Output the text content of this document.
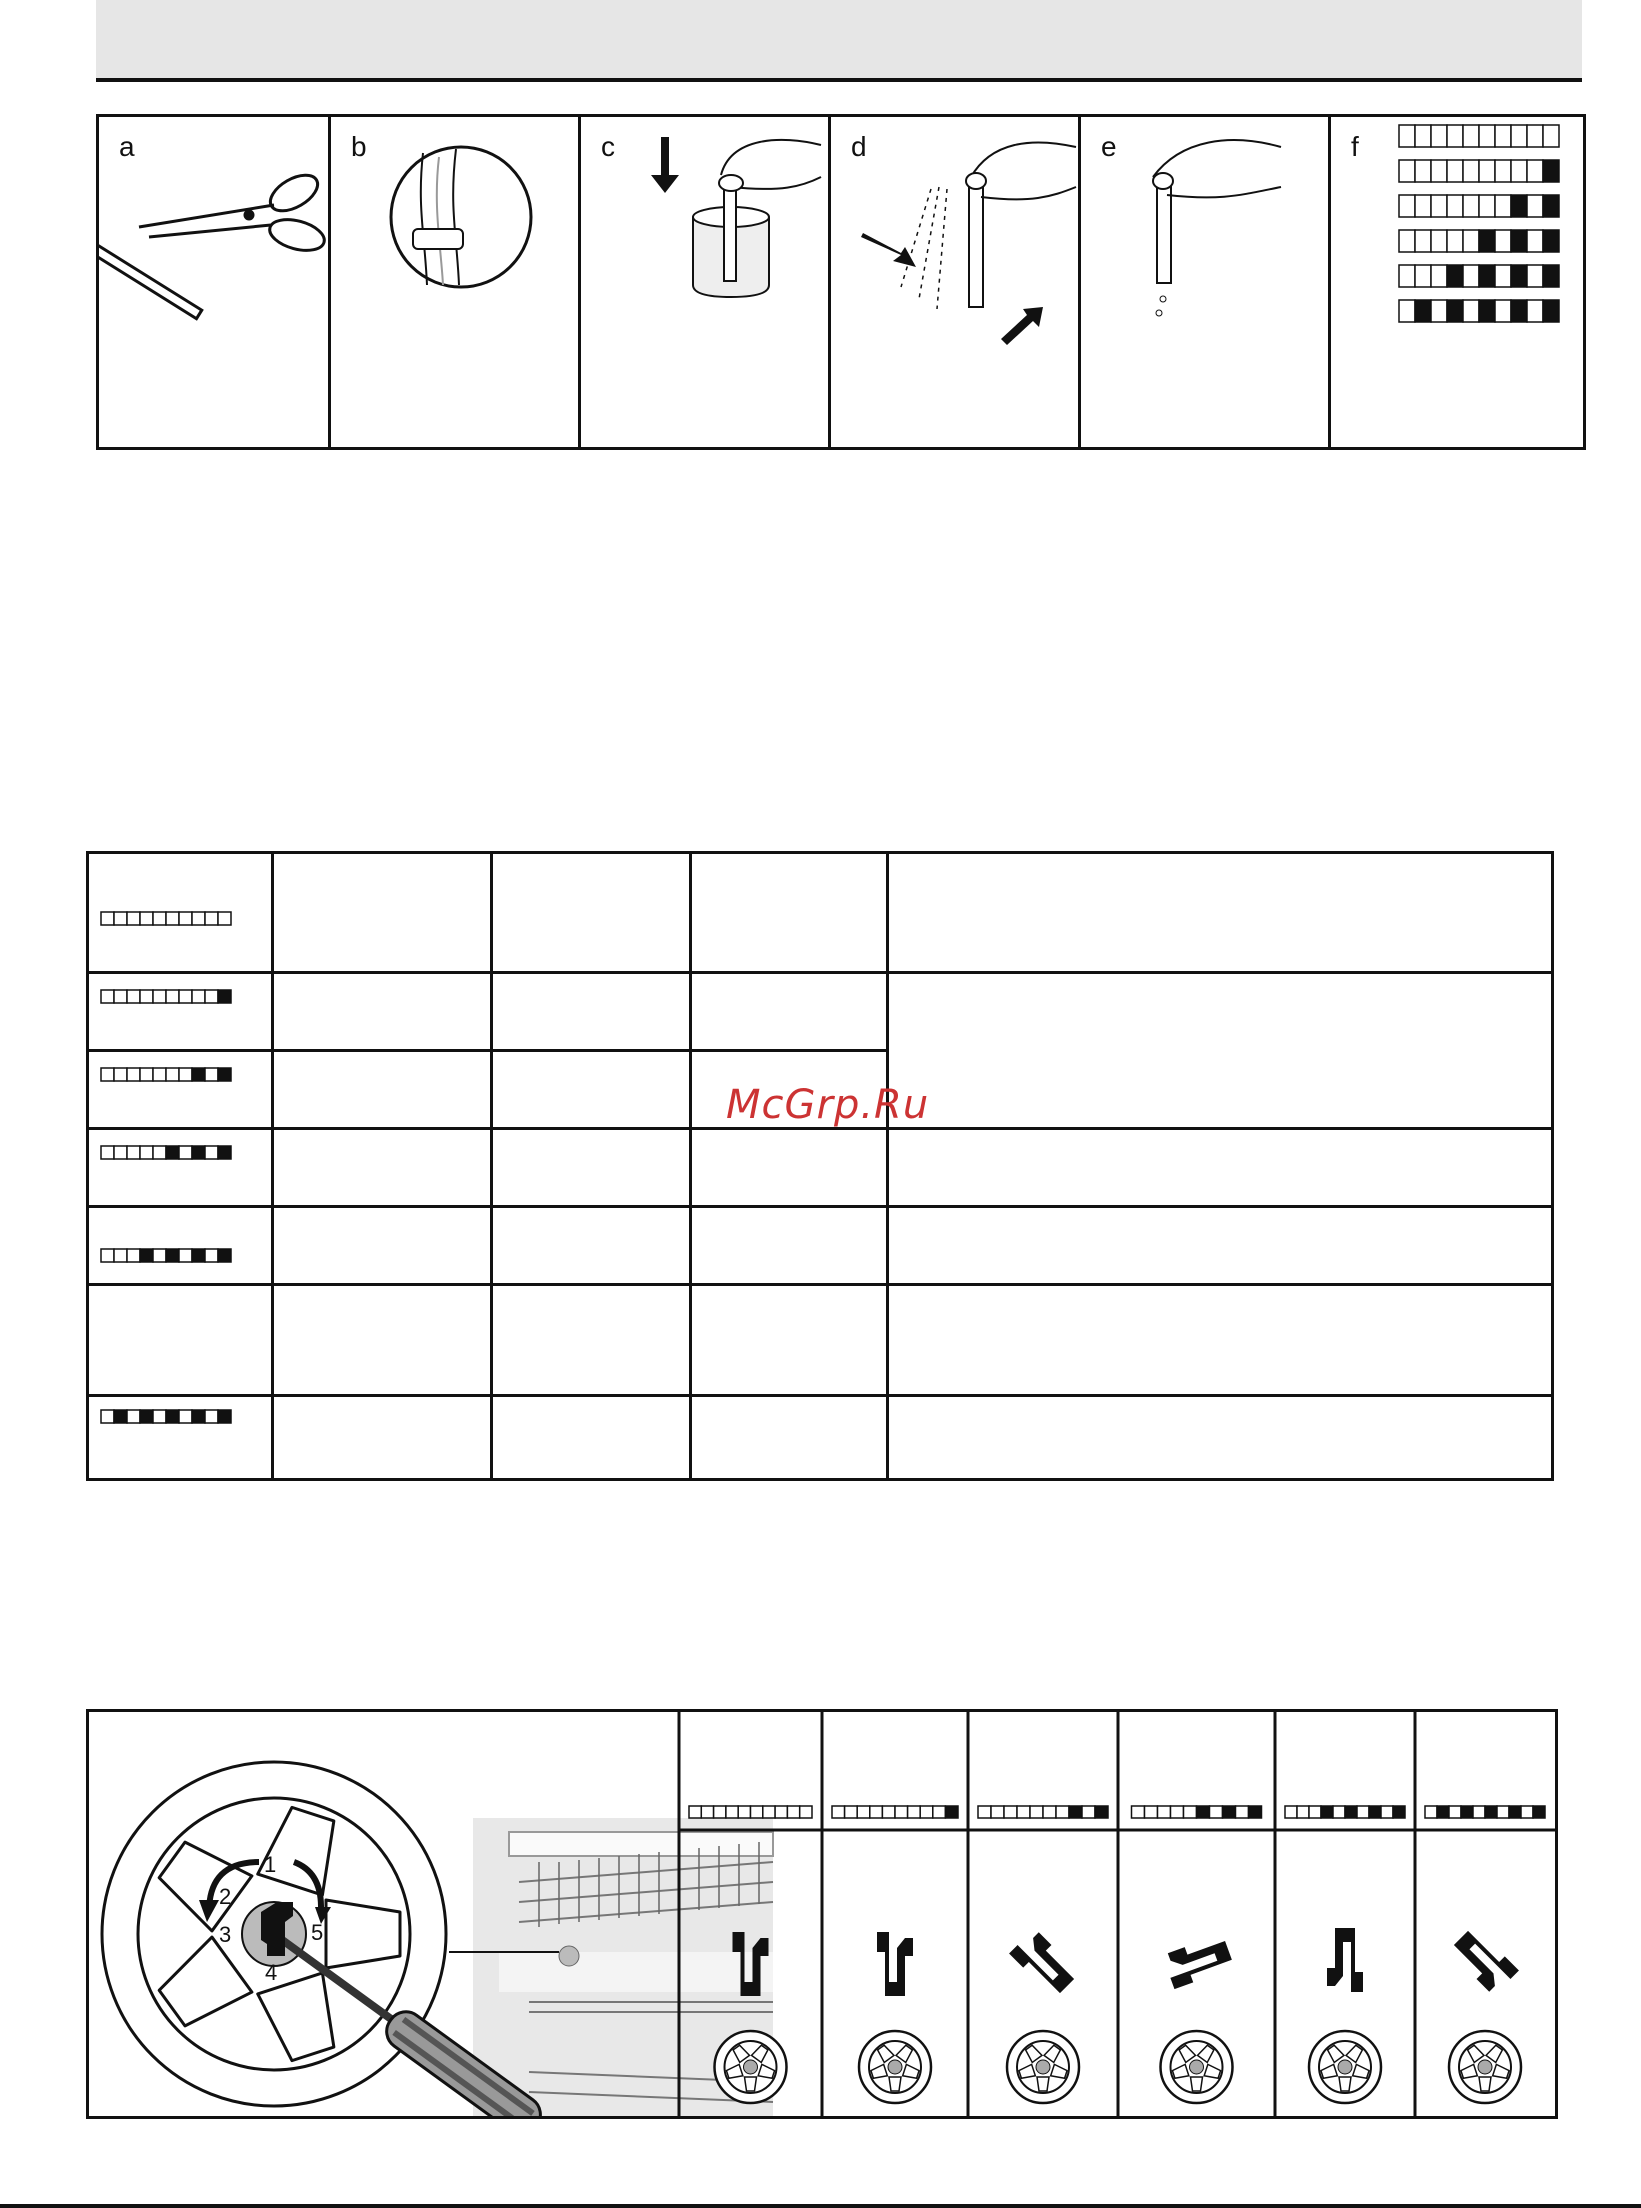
a	b	c	d	e	f
McGrp.Ru
1
2
3
4
5
